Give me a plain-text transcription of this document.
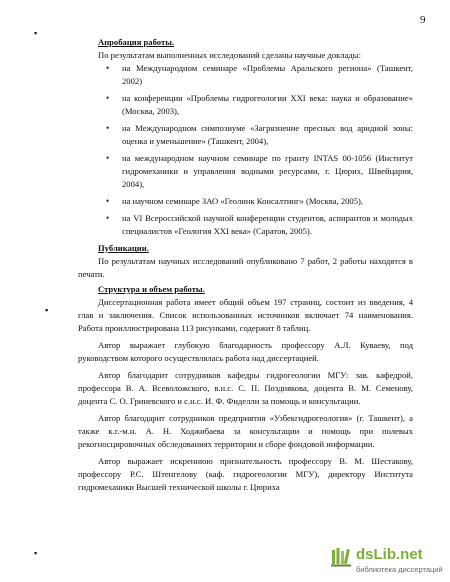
9
▪
▪
▪

Апробация работы.

По результатам выполненных исследований сделаны научные доклады:

• на Международном семинаре «Проблемы Аральского региона» (Ташкент, 2002)
• на конференции «Проблемы гидрогеологии XXI века: наука и образование» (Москва, 2003),
• на Международном симпозиуме «Загрязнение пресных вод аридной зоны: оценка и уменьшение» (Ташкент, 2004),
• на международном научном семинаре по гранту INTAS 00-1056 (Институт гидромеханики и управления водными ресурсами, г. Цюрих, Швейцария, 2004),
• на научном семинаре ЗАО «Геолинк Консалтинг» (Москва, 2005),
• на VI Всероссийской научной конференции студентов, аспирантов и молодых специалистов «Геология XXI века» (Саратов, 2005).

Публикации.

По результатам научных исследований опубликовано 7 работ, 2 работы находятся в печати.

Структура и объем работы.

Диссертационная работа имеет общий объем 197 страниц, состоит из введения, 4 глав и заключения. Список использованных источников включает 74 наименования. Работа проиллюстрирована 113 рисунками, содержит 8 таблиц.

Автор выражает глубокую благодарность профессору А.Л. Куваеву, под руководством которого осуществлялась работа над диссертацией.

Автор благодарит сотрудников кафедры гидрогеологии МГУ: зав. кафедрой, профессора В. А. Всеволожского, в.н.с. С. П. Позднякова, доцента В. М. Семенову, доцента С. О. Гриневского и с.н.с. И. Ф. Фиделли за помощь и консультации.

Автор благодарит сотрудников предприятия «Узбекгидрогеология» (г. Ташкент), а также к.г.-м.н. А. Н. Ходжибаева за консультации и помощь при полевых рекогносцировочных обследованиях территории и сборе фондовой информации.

Автор выражает искреннюю признательность профессору В. М. Шестакову, профессору Р.С. Штенгелову (каф. гидрогеологии МГУ), директору Института гидромеханики Высшей технической школы г. Цюриха

dsLib.net
библиотека диссертаций
